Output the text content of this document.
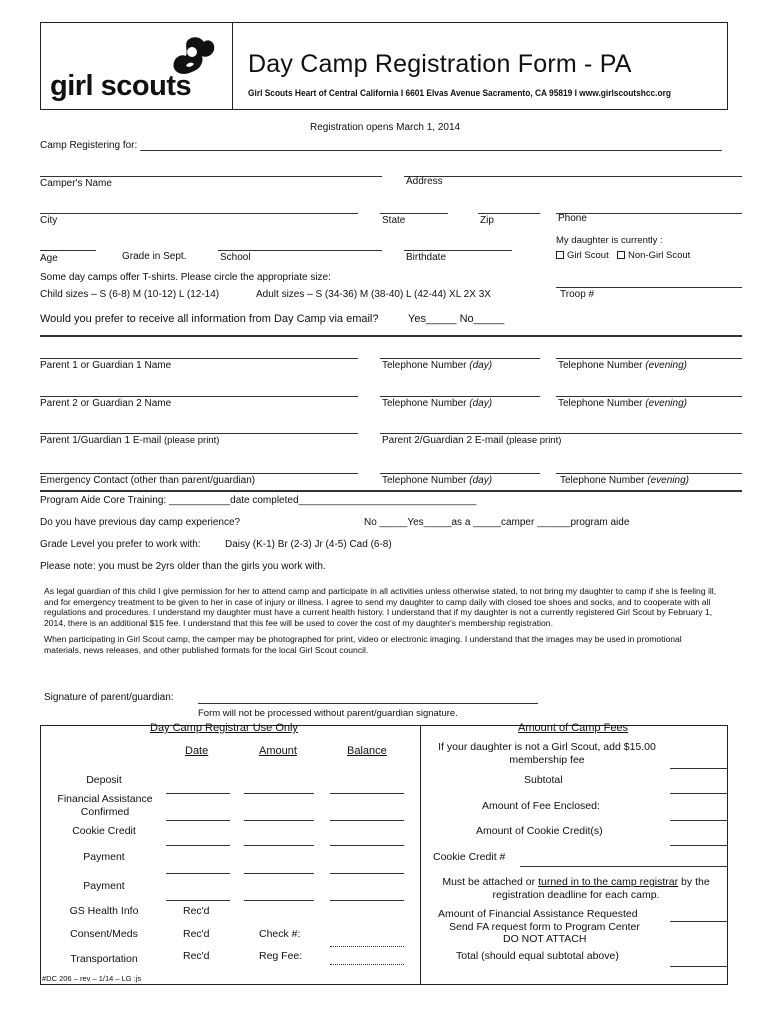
girl scouts
Day Camp Registration Form - PA
Girl Scouts Heart of Central California I 6601 Elvas Avenue Sacramento, CA 95819 I www.girlscoutshcc.org
Registration opens March 1, 2014
Camp Registering for:
Camper's Name	Address
City	State	Zip	Phone
My daughter is currently :
Girl Scout	Non-Girl Scout
Age	Grade in Sept.	School	Birthdate
Some day camps offer T-shirts. Please circle the appropriate size:
Child sizes – S (6-8) M (10-12) L (12-14)	Adult sizes – S (34-36) M (38-40) L (42-44) XL 2X 3X	Troop #
Would you prefer to receive all information from Day Camp via email?	Yes_____ No_____
Parent 1 or Guardian 1 Name	Telephone Number (day)	Telephone Number (evening)
Parent 2 or Guardian 2 Name	Telephone Number (day)	Telephone Number (evening)
Parent 1/Guardian 1 E-mail (please print)	Parent 2/Guardian 2 E-mail (please print)
Emergency Contact (other than parent/guardian)	Telephone Number (day)	Telephone Number (evening)
Program Aide Core Training: ___________date completed________________________________
Do you have previous day camp experience?	No _____Yes_____as a _____camper ______program aide
Grade Level you prefer to work with: Daisy (K-1) Br (2-3) Jr (4-5) Cad (6-8)
Please note: you must be 2yrs older than the girls you work with.

As legal guardian of this child I give permission for her to attend camp and participate in all activities unless otherwise stated, to not bring my daughter to camp if she is feeling ill, and for emergency treatment to be given to her in case of injury or illness. I agree to send my daughter to camp daily with closed toe shoes and socks, and to cooperate with all regulations and procedures. I understand my daughter must have a current health history. I understand that if my daughter is not a currently registered Girl Scout by February 1, 2014, there is an additional $15 fee. I understand that this fee will be used to cover the cost of my daughter's membership registration.

When participating in Girl Scout camp, the camper may be photographed for print, video or electronic imaging. I understand that the images may be used in promotional materials, news releases, and other published formats for the local Girl Scout council.

Signature of parent/guardian:
Form will not be processed without parent/guardian signature.
Day Camp Registrar Use Only
Date	Amount	Balance
Deposit
Financial Assistance Confirmed
Cookie Credit
Payment
Payment
GS Health Info	Rec'd
Consent/Meds	Rec'd	Check #:
Transportation	Rec'd	Reg Fee:
Amount of Camp Fees
If your daughter is not a Girl Scout, add $15.00 membership fee
Subtotal
Amount of Fee Enclosed:
Amount of Cookie Credit(s)
Cookie Credit #
Must be attached or turned in to the camp registrar by the registration deadline for each camp.
Amount of Financial Assistance Requested
Send FA request form to Program Center
DO NOT ATTACH
Total (should equal subtotal above)
#DC 206 – rev – 1/14 – LG :js
